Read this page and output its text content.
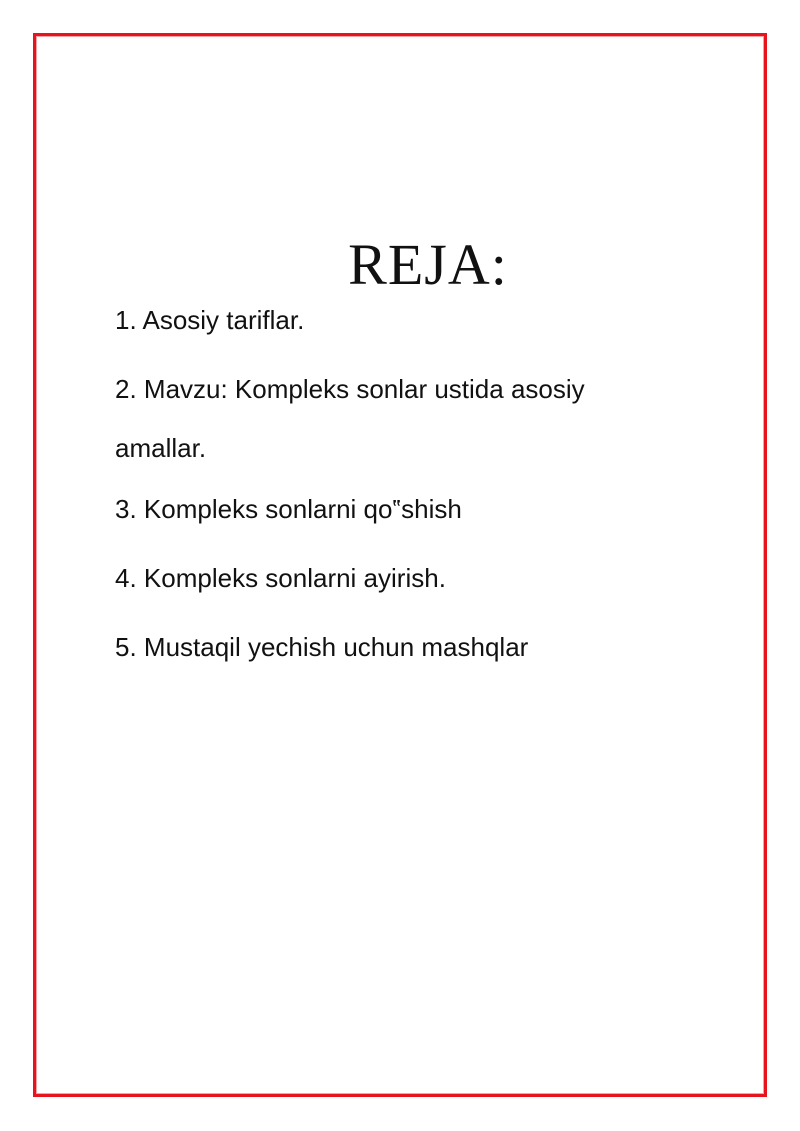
REJA:
1. Asosiy tariflar.
2. Mavzu: Kompleks sonlar ustida asosiy amallar.
3. Kompleks sonlarni qo‟shish
4. Kompleks sonlarni ayirish.
5. Mustaqil yechish uchun mashqlar
